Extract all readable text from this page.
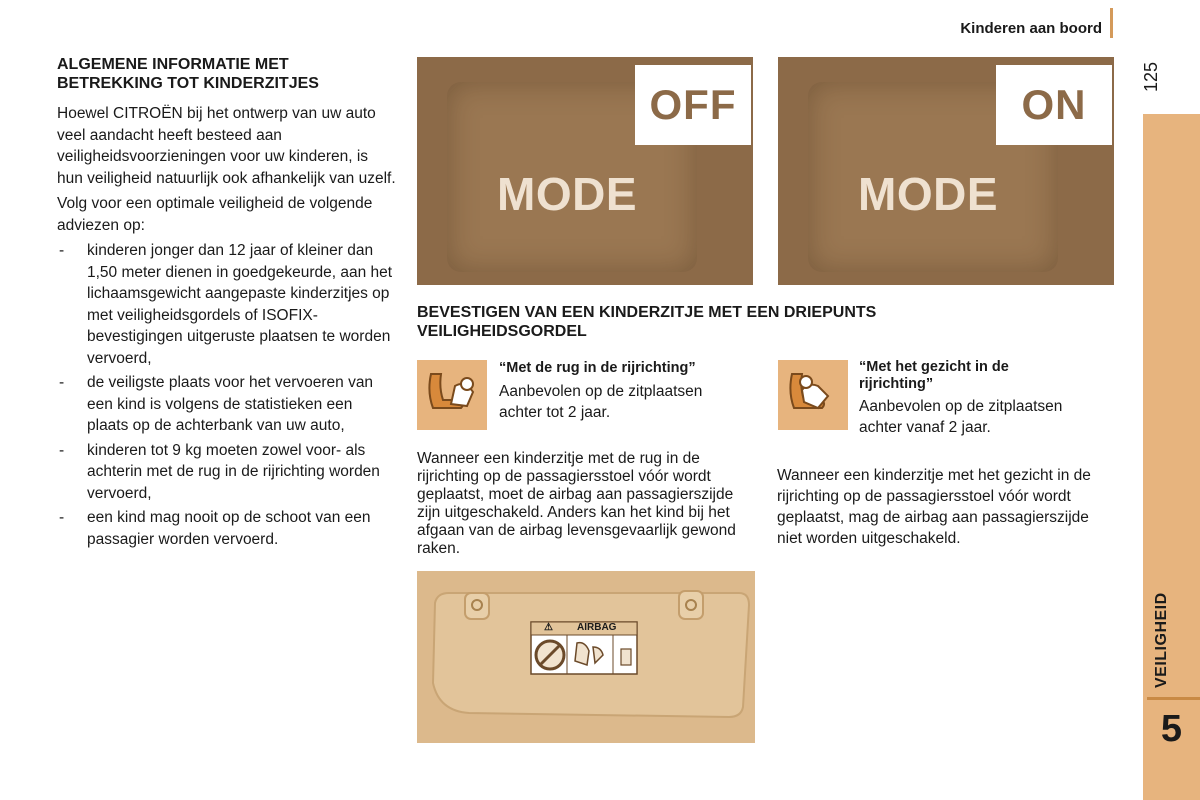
Kinderen aan boord
125
VEILIGHEID
5
ALGEMENE INFORMATIE MET
BETREKKING TOT KINDERZITJES

Hoewel CITROËN bij het ontwerp van uw auto veel aandacht heeft besteed aan veiligheidsvoorzieningen voor uw kinderen, is hun veiligheid natuurlijk ook afhankelijk van uzelf.

Volg voor een optimale veiligheid de volgende adviezen op:

- kinderen jonger dan 12 jaar of kleiner dan 1,50 meter dienen in goedgekeurde, aan het lichaamsgewicht aangepaste kinderzitjes op met veiligheidsgordels of ISOFIX-bevestigingen uitgeruste plaatsen te worden vervoerd,
- de veiligste plaats voor het vervoeren van een kind is volgens de statistieken een plaats op de achterbank van uw auto,
- kinderen tot 9 kg moeten zowel voor- als achterin met de rug in de rijrichting worden vervoerd,
- een kind mag nooit op de schoot van een passagier worden vervoerd.
OFF
MODE
ON
MODE
BEVESTIGEN VAN EEN KINDERZITJE MET EEN DRIEPUNTS
VEILIGHEIDSGORDEL
“Met de rug in de rijrichting”
Aanbevolen op de zitplaatsen achter tot 2 jaar.
Wanneer een kinderzitje met de rug in de rijrichting op de passagiersstoel vóór wordt geplaatst, moet de airbag aan passagierszijde zijn uitgeschakeld. Anders kan het kind bij het afgaan van de airbag levensgevaarlijk gewond raken.
“Met het gezicht in de rijrichting”
Aanbevolen op de zitplaatsen achter vanaf 2 jaar.
Wanneer een kinderzitje met het gezicht in de rijrichting op de passagiersstoel vóór wordt geplaatst, mag de airbag aan passagierszijde niet worden uitgeschakeld.
⚠ AIRBAG
